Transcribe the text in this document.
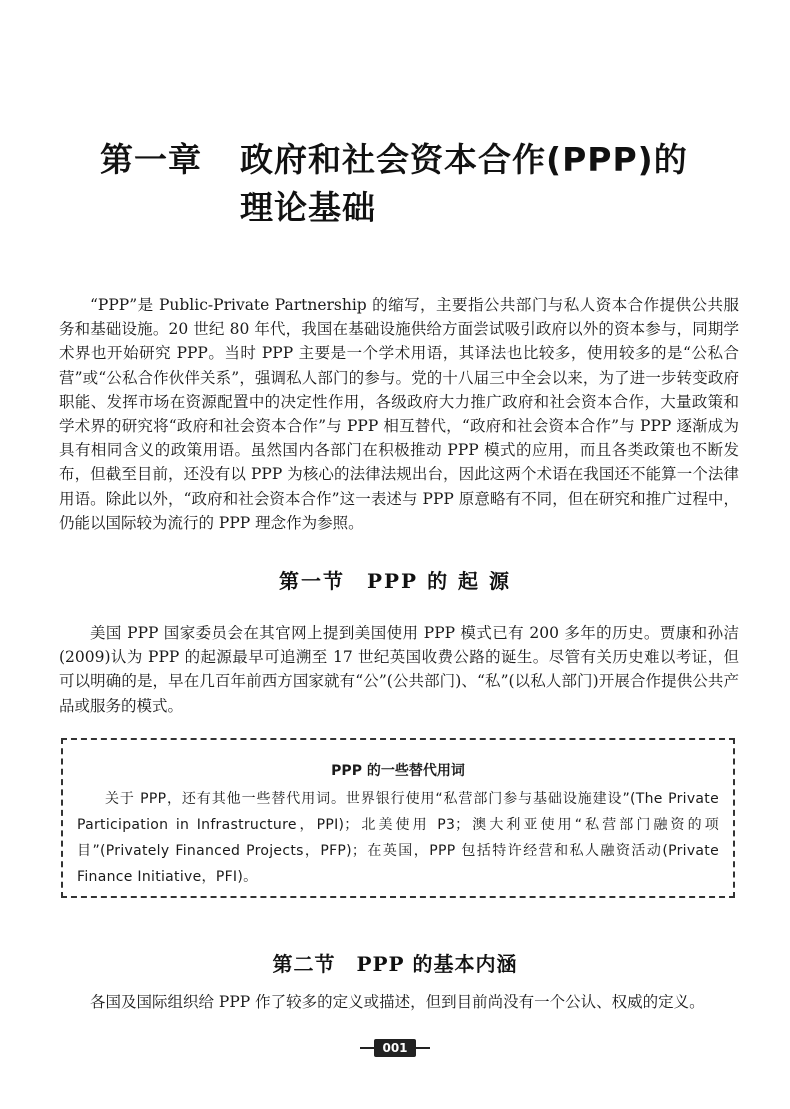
第一章 政府和社会资本合作(PPP)的
理论基础

“PPP”是 Public-Private Partnership 的缩写，主要指公共部门与私人资本合作提供公共服务和基础设施。20 世纪 80 年代，我国在基础设施供给方面尝试吸引政府以外的资本参与，同期学术界也开始研究 PPP。当时 PPP 主要是一个学术用语，其译法也比较多，使用较多的是“公私合营”或“公私合作伙伴关系”，强调私人部门的参与。党的十八届三中全会以来，为了进一步转变政府职能、发挥市场在资源配置中的决定性作用，各级政府大力推广政府和社会资本合作，大量政策和学术界的研究将“政府和社会资本合作”与 PPP 相互替代，“政府和社会资本合作”与 PPP 逐渐成为具有相同含义的政策用语。虽然国内各部门在积极推动 PPP 模式的应用，而且各类政策也不断发布，但截至目前，还没有以 PPP 为核心的法律法规出台，因此这两个术语在我国还不能算一个法律用语。除此以外，“政府和社会资本合作”这一表述与 PPP 原意略有不同，但在研究和推广过程中，仍能以国际较为流行的 PPP 理念作为参照。

第一节　PPP 的 起 源

美国 PPP 国家委员会在其官网上提到美国使用 PPP 模式已有 200 多年的历史。贾康和孙洁(2009)认为 PPP 的起源最早可追溯至 17 世纪英国收费公路的诞生。尽管有关历史难以考证，但可以明确的是，早在几百年前西方国家就有“公”(公共部门)、“私”(以私人部门)开展合作提供公共产品或服务的模式。

PPP 的一些替代用词

关于 PPP，还有其他一些替代用词。世界银行使用“私营部门参与基础设施建设”(The Private Participation in Infrastructure，PPI)；北美使用 P3；澳大利亚使用“私营部门融资的项目”(Privately Financed Projects，PFP)；在英国，PPP 包括特许经营和私人融资活动(Private Finance Initiative，PFI)。

第二节　PPP 的基本内涵

各国及国际组织给 PPP 作了较多的定义或描述，但到目前尚没有一个公认、权威的定义。

001
